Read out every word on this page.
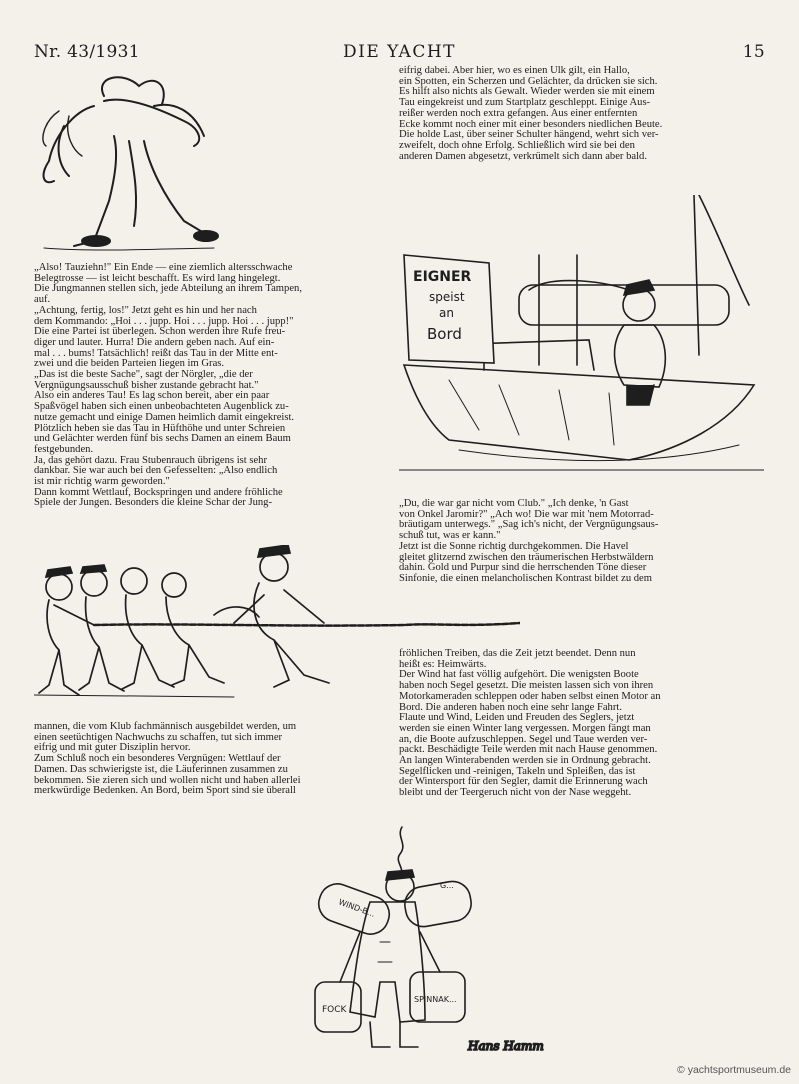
Nr. 43/1931	DIE YACHT	15

eifrig dabei. Aber hier, wo es einen Ulk gilt, ein Hallo,
ein Spotten, ein Scherzen und Gelächter, da drücken sie sich.
Es hilft also nichts als Gewalt. Wieder werden sie mit einem
Tau eingekreist und zum Startplatz geschleppt. Einige Aus-
reißer werden noch extra gefangen. Aus einer entfernten
Ecke kommt noch einer mit einer besonders niedlichen Beute.
Die holde Last, über seiner Schulter hängend, wehrt sich ver-
zweifelt, doch ohne Erfolg. Schließlich wird sie bei den
anderen Damen abgesetzt, verkrümelt sich dann aber bald.

„Also! Tauziehn!" Ein Ende — eine ziemlich altersschwache
Belegtrosse — ist leicht beschafft. Es wird lang hingelegt.
Die Jungmannen stellen sich, jede Abteilung an ihrem Tampen,
auf.
„Achtung, fertig, los!" Jetzt geht es hin und her nach
dem Kommando: „Hoi . . . jupp. Hoi . . . jupp. Hoi . . . jupp!"
Die eine Partei ist überlegen. Schon werden ihre Rufe freu-
diger und lauter. Hurra! Die andern geben nach. Auf ein-
mal . . . bums! Tatsächlich! reißt das Tau in der Mitte ent-
zwei und die beiden Parteien liegen im Gras.
„Das ist die beste Sache", sagt der Nörgler, „die der
Vergnügungsausschuß bisher zustande gebracht hat."
Also ein anderes Tau! Es lag schon bereit, aber ein paar
Spaßvögel haben sich einen unbeobachteten Augenblick zu-
nutze gemacht und einige Damen heimlich damit eingekreist.
Plötzlich heben sie das Tau in Hüfthöhe und unter Schreien
und Gelächter werden fünf bis sechs Damen an einem Baum
festgebunden.
Ja, das gehört dazu. Frau Stubenrauch übrigens ist sehr
dankbar. Sie war auch bei den Gefesselten: „Also endlich
ist mir richtig warm geworden."
Dann kommt Wettlauf, Bockspringen und andere fröhliche
Spiele der Jungen. Besonders die kleine Schar der Jung-	„Du, die war gar nicht vom Club." „Ich denke, 'n Gast
von Onkel Jaromir?" „Ach wo! Die war mit 'nem Motorrad-
bräutigam unterwegs." „Sag ich's nicht, der Vergnügungsaus-
schuß tut, was er kann."
Jetzt ist die Sonne richtig durchgekommen. Die Havel
gleitet glitzernd zwischen den träumerischen Herbstwäldern
dahin. Gold und Purpur sind die herrschenden Töne dieser
Sinfonie, die einen melancholischen Kontrast bildet zu dem

fröhlichen Treiben, das die Zeit jetzt beendet. Denn nun
heißt es: Heimwärts.
Der Wind hat fast völlig aufgehört. Die wenigsten Boote
haben noch Segel gesetzt. Die meisten lassen sich von ihren
Motorkameraden schleppen oder haben selbst einen Motor an
Bord. Die anderen haben noch eine sehr lange Fahrt.
Flaute und Wind, Leiden und Freuden des Seglers, jetzt
werden sie einen Winter lang vergessen. Morgen fängt man
an, die Boote aufzuschleppen. Segel und Taue werden ver-
packt. Beschädigte Teile werden mit nach Hause genommen.
An langen Winterabenden werden sie in Ordnung gebracht.
Segelflicken und -reinigen, Takeln und Spleißen, das ist
der Wintersport für den Segler, damit die Erinnerung wach
bleibt und der Teergeruch nicht von der Nase weggeht.

mannen, die vom Klub fachmännisch ausgebildet werden, um
einen seetüchtigen Nachwuchs zu schaffen, tut sich immer
eifrig und mit guter Disziplin hervor.
Zum Schluß noch ein besonderes Vergnügen: Wettlauf der
Damen. Das schwierigste ist, die Läuferinnen zusammen zu
bekommen. Sie zieren sich und wollen nicht und haben allerlei
merkwürdige Bedenken. An Bord, beim Sport sind sie überall

EIGNER
speist
an
Bord
WIND-B...
G...
FOCK
SPINNAK...
Hans Hamm
© yachtsportmuseum.de
